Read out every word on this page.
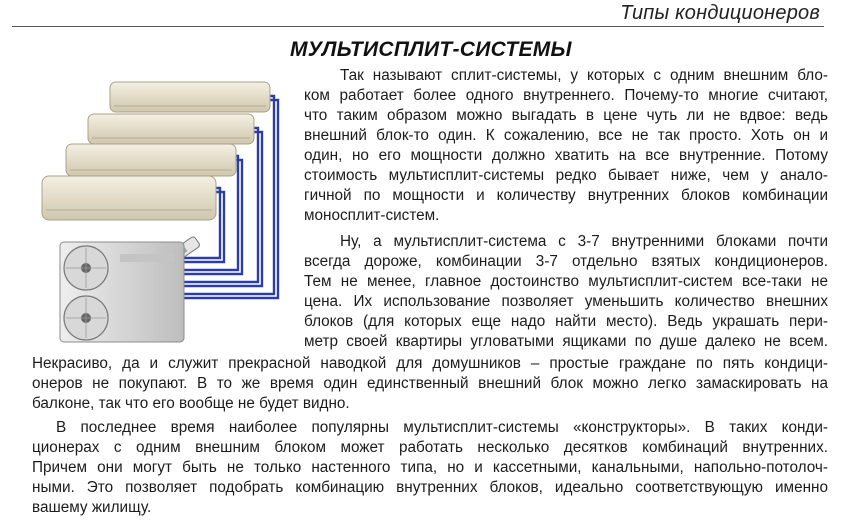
Типы кондиционеров
МУЛЬТИСПЛИТ-СИСТЕМЫ
Так называют сплит-системы, у которых с одним внешним бло-
ком работает более одного внутреннего. Почему-то многие считают,
что таким образом можно выгадать в цене чуть ли не вдвое: ведь
внешний блок-то один. К сожалению, все не так просто. Хоть он и
один, но его мощности должно хватить на все внутренние. Потому
стоимость мультисплит-системы редко бывает ниже, чем у анало-
гичной по мощности и количеству внутренних блоков комбинации
моносплит-систем.
Ну, а мультисплит-система с 3-7 внутренними блоками почти
всегда дороже, комбинации 3-7 отдельно взятых кондиционеров.
Тем не менее, главное достоинство мультисплит-систем все-таки не
цена. Их использование позволяет уменьшить количество внешних
блоков (для которых еще надо найти место). Ведь украшать пери-
метр своей квартиры угловатыми ящиками по душе далеко не всем.
Некрасиво, да и служит прекрасной наводкой для домушников – простые граждане по пять кондици-
онеров не покупают. В то же время один единственный внешний блок можно легко замаскировать на
балконе, так что его вообще не будет видно.
В последнее время наиболее популярны мультисплит-системы «конструкторы». В таких конди-
ционерах с одним внешним блоком может работать несколько десятков комбинаций внутренних.
Причем они могут быть не только настенного типа, но и кассетными, канальными, напольно-потолоч-
ными. Это позволяет подобрать комбинацию внутренних блоков, идеально соответствующую именно
вашему жилищу.
